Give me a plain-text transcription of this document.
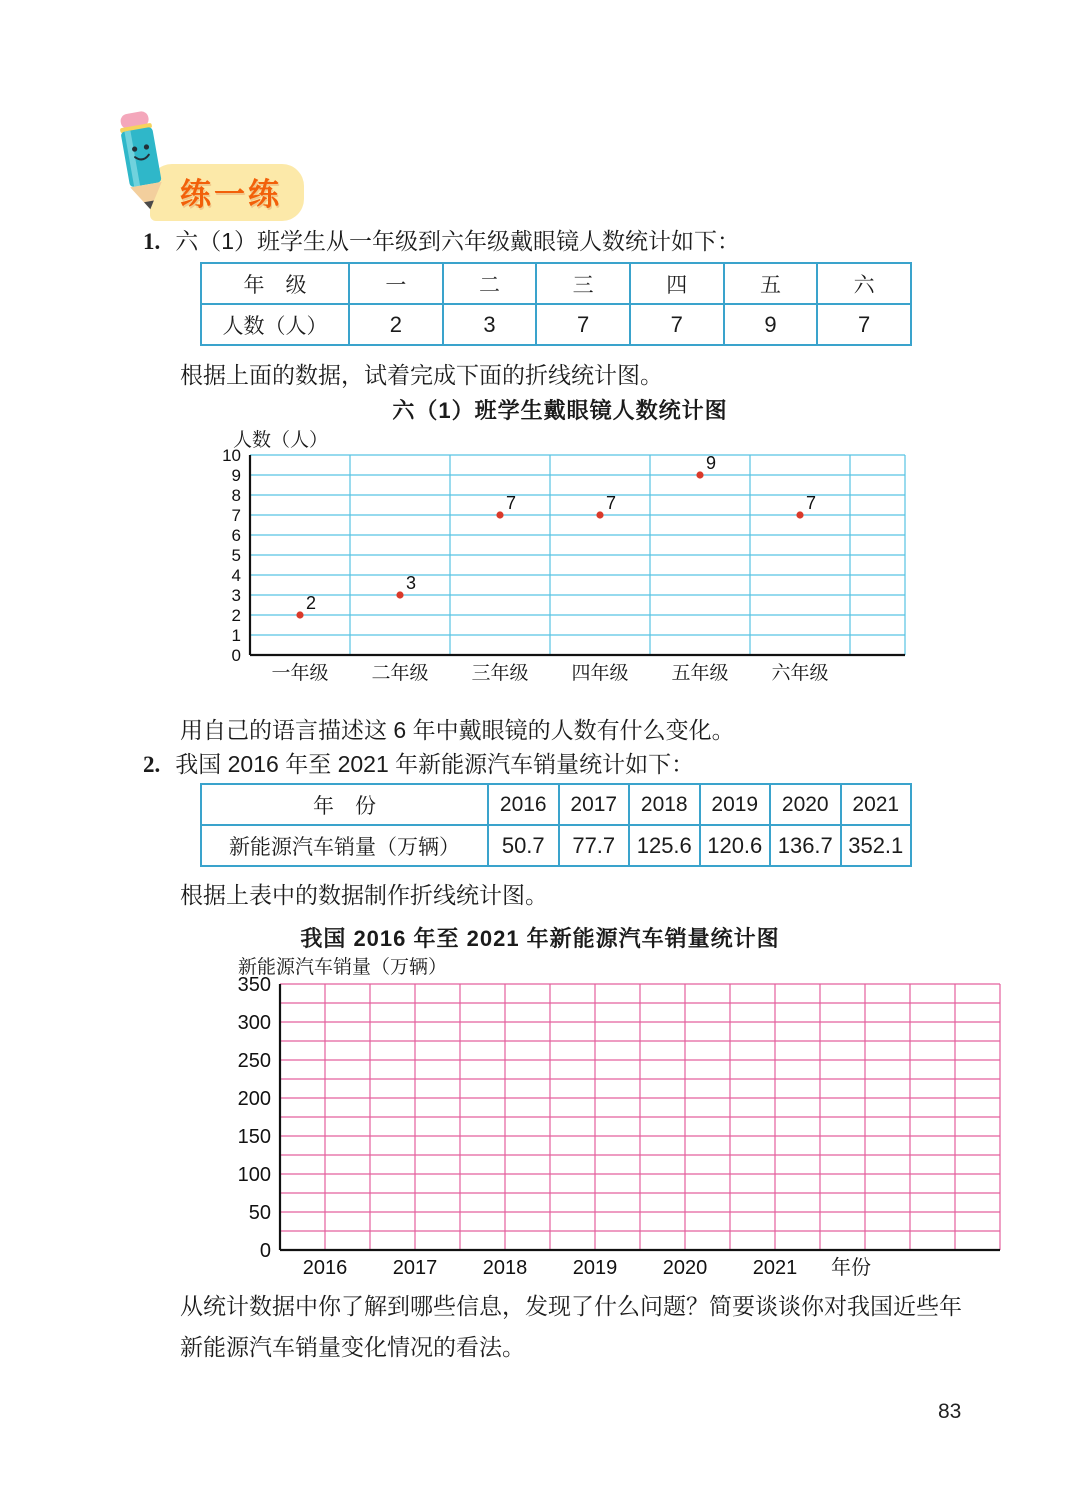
练一练
1. 六（1）班学生从一年级到六年级戴眼镜人数统计如下：
年　级	一	二	三	四	五	六
人数（人）	2	3	7	7	9	7
根据上面的数据，试着完成下面的折线统计图。
六（1）班学生戴眼镜人数统计图
人数（人）
0
1
2
3
4
5
6
7
8
9
10
一年级 二年级 三年级 四年级 五年级 六年级
2
3
7	7
9
7
用自己的语言描述这 6 年中戴眼镜的人数有什么变化。
2. 我国 2016 年至 2021 年新能源汽车销量统计如下：
年　份	2016	2017	2018	2019	2020	2021
新能源汽车销量（万辆）	50.7	77.7	125.6	120.6	136.7	352.1
根据上表中的数据制作折线统计图。
我国 2016 年至 2021 年新能源汽车销量统计图
新能源汽车销量（万辆）
0
50
100
150
200
250
300
350
2016 2017 2018 2019 2020 2021 年份
从统计数据中你了解到哪些信息，发现了什么问题？简要谈谈你对我国近些年新能源汽车销量变化情况的看法。
83
